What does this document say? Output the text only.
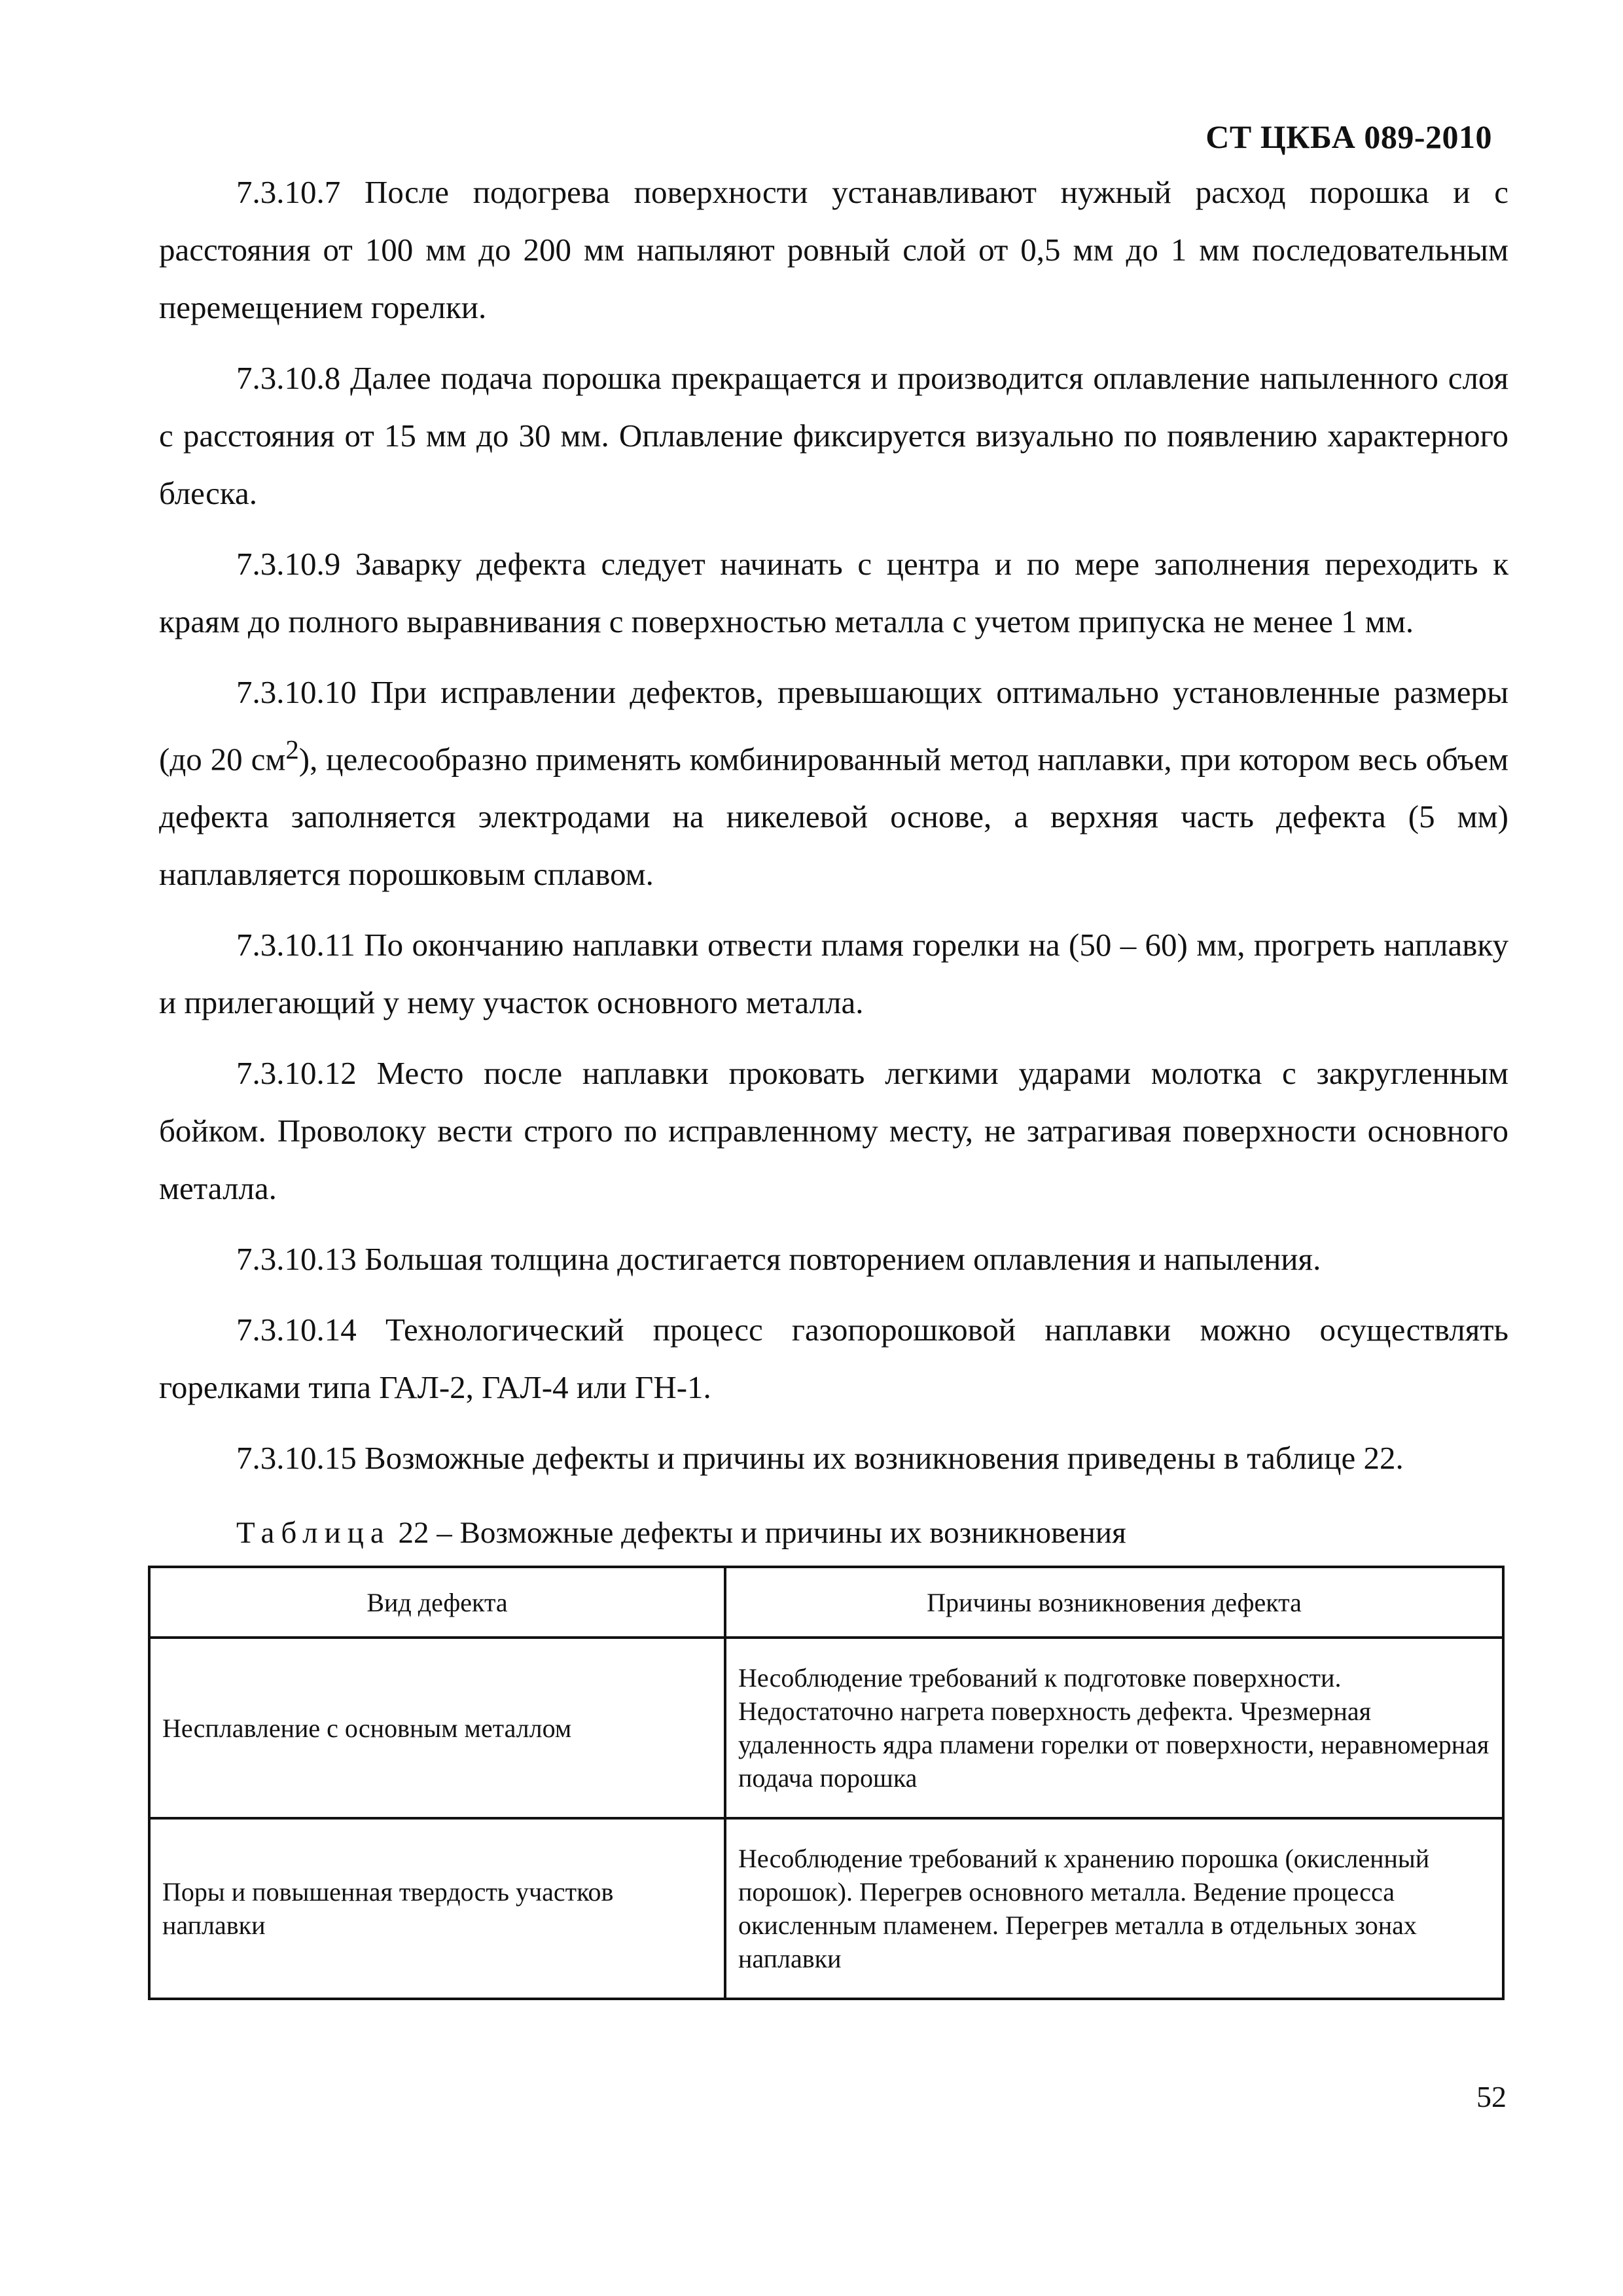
СТ ЦКБА 089-2010

7.3.10.7 После подогрева поверхности устанавливают нужный расход порошка и с расстояния от 100 мм до 200 мм напыляют ровный слой от 0,5 мм до 1 мм последовательным перемещением горелки.

7.3.10.8 Далее подача порошка прекращается и производится оплавление напыленного слоя с расстояния от 15 мм до 30 мм. Оплавление фиксируется визуально по появлению характерного блеска.

7.3.10.9 Заварку дефекта следует начинать с центра и по мере заполнения переходить к краям до полного выравнивания с поверхностью металла с учетом припуска не менее 1 мм.

7.3.10.10 При исправлении дефектов, превышающих оптимально установленные размеры (до 20 $см^2$), целесообразно применять комбинированный метод наплавки, при котором весь объем дефекта заполняется электродами на никелевой основе, а верхняя часть дефекта (5 мм) наплавляется порошковым сплавом.

7.3.10.11 По окончанию наплавки отвести пламя горелки на (50 – 60) мм, прогреть наплавку и прилегающий у нему участок основного металла.

7.3.10.12 Место после наплавки проковать легкими ударами молотка с закругленным бойком. Проволоку вести строго по исправленному месту, не затрагивая поверхности основного металла.

7.3.10.13 Большая толщина достигается повторением оплавления и напыления.

7.3.10.14 Технологический процесс газопорошковой наплавки можно осуществлять горелками типа ГАЛ-2, ГАЛ-4 или ГН-1.

7.3.10.15 Возможные дефекты и причины их возникновения приведены в таблице 22.

Таблица 22 – Возможные дефекты и причины их возникновения

Вид дефекта	Причины возникновения дефекта
Несплавление с основным металлом	Несоблюдение требований к подготовке поверхности. Недостаточно нагрета поверхность дефекта. Чрезмерная удаленность ядра пламени горелки от поверхности, неравномерная подача порошка
Поры и повышенная твердость участков наплавки	Несоблюдение требований к хранению порошка (окисленный порошок). Перегрев основного металла. Ведение процесса окисленным пламенем. Перегрев металла в отдельных зонах наплавки
52
